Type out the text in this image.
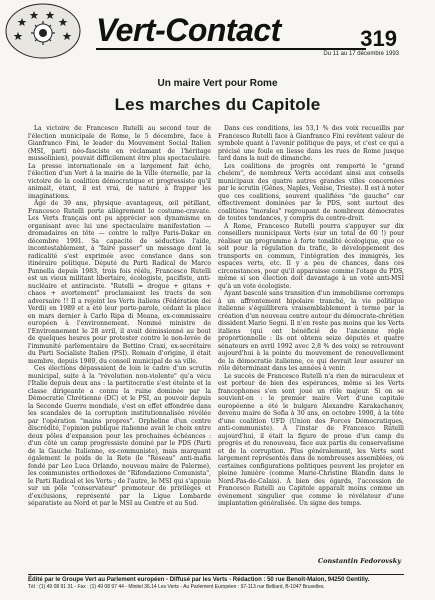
Vert-Contact	319
Du 11 au 17 décembre 1993
Un maire Vert pour Rome
Les marches du Capitole

La victoire de Francesco Rutelli au second tour de l'élection municipale de Rome, le 5 décembre, face à Gianfranco Fini, le leader du Mouvement Social Italien (MSI, parti néo-fasciste en réclamant de l'héritage mussolinien), pouvait difficilement être plus spectaculaire. La presse internationale en a largement fait écho, l'élection d'un Vert à la mairie de la Ville éternelle, par la victoire de la coalition démocratique et progressiste qu'il animait, étant, il est vrai, de nature à frapper les imaginations.

Âgé de 39 ans, physique avantageux, œil pétillant, Francesco Rutelli porte allègrement le costume-cravate. Les Verts français ont pu apprécier son dynamisme en organisant avec lui une spectaculaire manifestation — dromadaires en tête — contre le rallye Paris-Dakar en décembre 1991. Sa capacité de séduction l'aide, incontestablement, à "faire passer" un message dont la radicalité s'est exprimée avec constance dans son itinéraire politique. Député du Parti Radical de Marco Pannella depuis 1983, trois fois réélu, Francesco Rutelli est un vieux militant libertaire, écologiste, pacifiste, anti-nucléaire et antiraciste. "Rutelli = drogue + gitans + chaos + avortement" proclamaient les tracts de son adversaire !! Il a rejoint les Verts italiens (Fédération dei Verdi) en 1989 et a été leur porte-parole, cédant la place en mars dernier à Carlo Ripa di Meana, ex-commissaire européen à l'environnement. Nommé ministre de l'Environnement le 28 avril, il avait démissionné au bout de quelques heures pour protester contre le non-levée de l'immunité parlementaire de Bettino Craxi, ex-secrétaire du Parti Socialiste Italien (PSI). Romain d'origine, il était membre, depuis 1989, du conseil municipal de sa ville.

Ces élections dépassaient de loin le cadre d'un scrutin municipal, suite à la "révolution non-violente" qu'a vécu l'Italie depuis deux ans : la partitocratie s'est éteinte et la classe dirigeante a connu la ruine dominée par la Démocratie Chrétienne (DC) et le PSI, au pouvoir depuis la Seconde Guerre mondiale, s'est en effet effondrée dans les scandales de la corruption institutionnalisée révélée par l'opération "mains propres". Orpheline d'un centre discrédité, l'opinion publique italienne avait le choix entre deux pôles d'expansion pour les prochaines échéances : d'un côté un camp progressiste dominé par le PDS (Parti de la Gauche Italienne, ex-communiste), mais marquant également le poids de la Rete (le "Réseau" anti-mafia fondé par Leo Luca Orlando, nouveau maire de Palerme), les communistes orthodoxes de "Rifondazione Comunista", le Parti Radical et les Verts ; de l'autre, le MSI qui s'appuie sur un pôle "conservateur" promoteur de privilèges et d'exclusions, représenté par la Ligue Lombarde séparatiste au Nord et par le MSI au Centre et au Sud.

Dans ces conditions, les 53,1 % des voix recueillis par Francesco Rutelli face à Gianfranco Fini revêtent valeur de symbole quant à l'avenir politique du pays, et c'est ce qui a précisé une foule en liesse dans les rues de Rome jusque tard dans la nuit de dimanche.

Les coalitions de progrès ont remporté le "grand chelem", de nombreux Verts accédant ainsi aux conseils municipaux des quatre autres grandes villes concernées par le scrutin (Gênes, Naples, Venise, Trieste). Il est à noter que ces coalitions, souvent qualifiées "de gauche" car effectivement dominées par le PDS, sont surtout des coalitions "morales" regroupant de nombreux démocrates de toutes tendances, y compris du centre-droit.

À Rome, Francesco Rutelli pourra s'appuyer sur dix conseillers municipaux Verts (sur un total de 60 !) pour réaliser un programme à forte tonalité écologique, que ce soit pour la régulation du trafic, le développement des transports en commun, l'intégration des immigrés, les espaces verts, etc. Il y a peu de chances, dans ces circonstances, pour qu'il apparaisse comme l'otage du PDS, même si son élection doit davantage à un vote anti-MSI qu'à un vote écologiste.

Ayant basculé sans transition d'un immobilisme corrompu à un affrontement bipolaire tranché, la vie politique italienne s'équilibrera vraisemblablement à terme par la création d'un nouveau centre autour du démocrate-chrétien dissident Mario Segni. Il n'en reste pas moins que les Verts italiens (qui ont bénéficié de l'ancienne règle proportionnelle : ils ont obtenu seize députés et quatre sénateurs en avril 1992 avec 2,8 % des voix) se retrouvent aujourd'hui à la pointe du mouvement de renouvellement de la démocratie italienne, ce qui devrait leur assurer un rôle déterminant dans les années à venir.

Le succès de Francesco Rutelli n'a rien de miraculeux et est porteur de bien des espérances, même si les Verts francophones s'en sont joué un rôle majeur. Si on se souvient-on : le premier maire Vert d'une capitale européenne a été le bulgare Alexandre Karakachanov, devenu maire de Sofia à 30 ans, en octobre 1990, à la tête d'une coalition UFD (Union des Forces Démocratiques, anti-communiste). À l'instar de Francesco Rutelli aujourd'hui, il était la figure de proue d'un camp du progrès et du renouveau, face aux partis du conservatisme et de la corruption. Plus généralement, les Verts sont largement représentés dans de nombreuses assemblées, où certaines configurations politiques peuvent les projeter en pleine lumière (comme Marie-Christine Blandin dans le Nord-Pas-de-Calais). À bien des égards, l'accession de Francesco Rutelli au Capitole apparaît moins comme un événement singulier que comme le révélateur d'une implantation généralisée. Un signe des temps.

Constantin Fedorovsky
Édité par le Groupe Vert au Parlement européen - Diffusé par les Verts - Rédaction : 50 rue Benoît-Malon, 94250 Gentilly.
Tél : (1) 49 08 91 31 - Fax : (1) 49 08 97 44 - Minitel 36.14 Les Verts - Au Parlement Européen : 97-113 rue Belliard, B-1047 Bruxelles.
